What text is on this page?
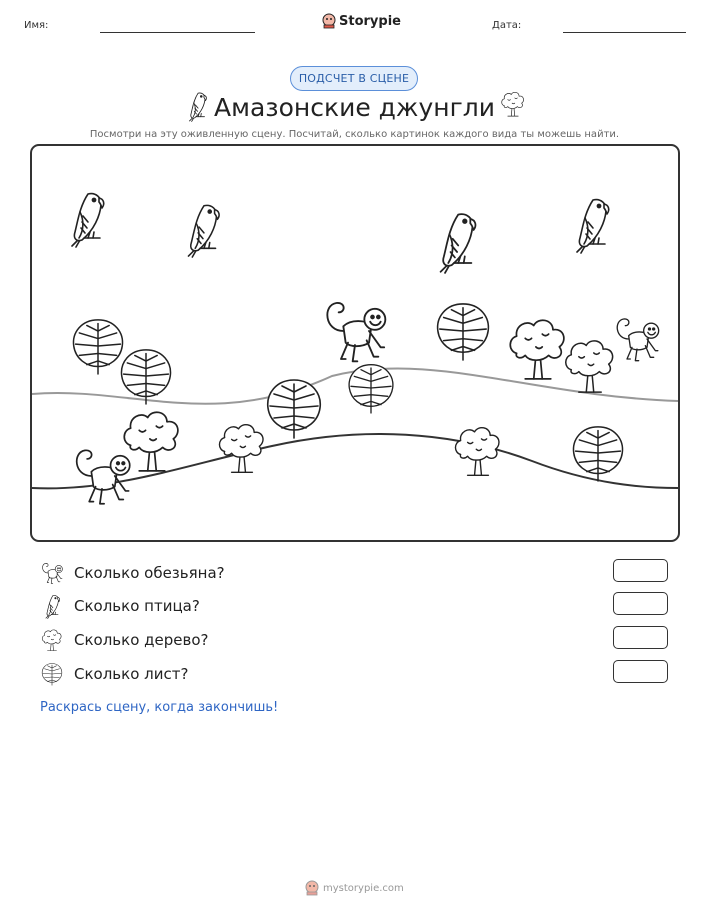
Имя:	Storypie	Дата:
ПОДСЧЕТ В СЦЕНЕ
Амазонские джунгли
Посмотри на эту оживленную сцену. Посчитай, сколько картинок каждого вида ты можешь найти.
Сколько обезьяна?
Сколько птица?
Сколько дерево?
Сколько лист?
Раскрась сцену, когда закончишь!
mystorypie.com
